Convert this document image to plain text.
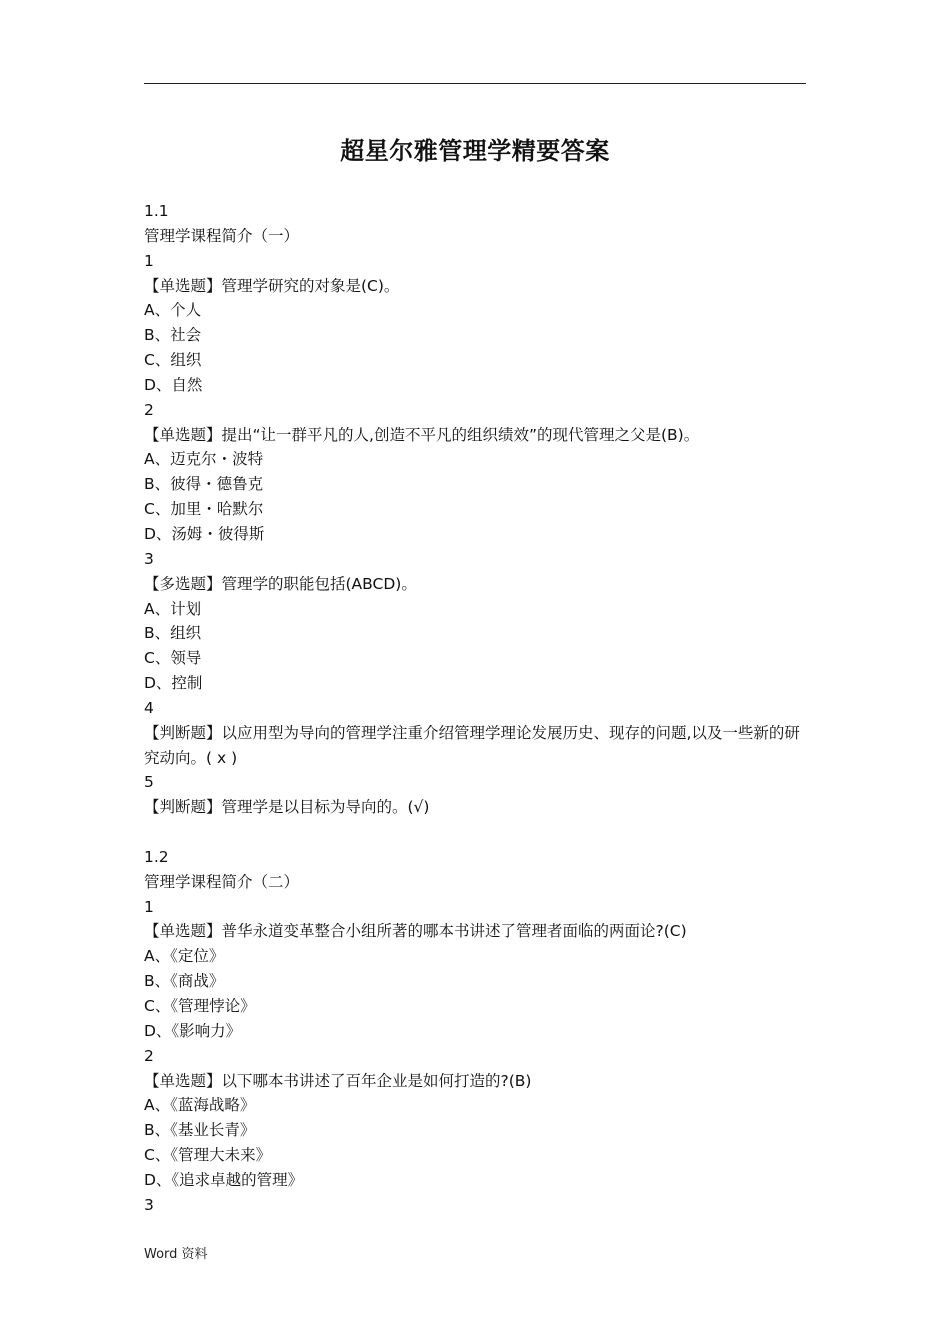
超星尔雅管理学精要答案
1.1
管理学课程简介（一）
1
【单选题】管理学研究的对象是(C)。
A、个人
B、社会
C、组织
D、自然
2
【单选题】提出“让一群平凡的人,创造不平凡的组织绩效”的现代管理之父是(B)。
A、迈克尔・波特
B、彼得・德鲁克
C、加里・哈默尔
D、汤姆・彼得斯
3
【多选题】管理学的职能包括(ABCD)。
A、计划
B、组织
C、领导
D、控制
4
【判断题】以应用型为导向的管理学注重介绍管理学理论发展历史、现存的问题,以及一些新的研究动向。( x )
5
【判断题】管理学是以目标为导向的。(√)
1.2
管理学课程简介（二）
1
【单选题】普华永道变革整合小组所著的哪本书讲述了管理者面临的两面论?(C)
A、《定位》
B、《商战》
C、《管理悖论》
D、《影响力》
2
【单选题】以下哪本书讲述了百年企业是如何打造的?(B)
A、《蓝海战略》
B、《基业长青》
C、《管理大未来》
D、《追求卓越的管理》
3
Word 资料
